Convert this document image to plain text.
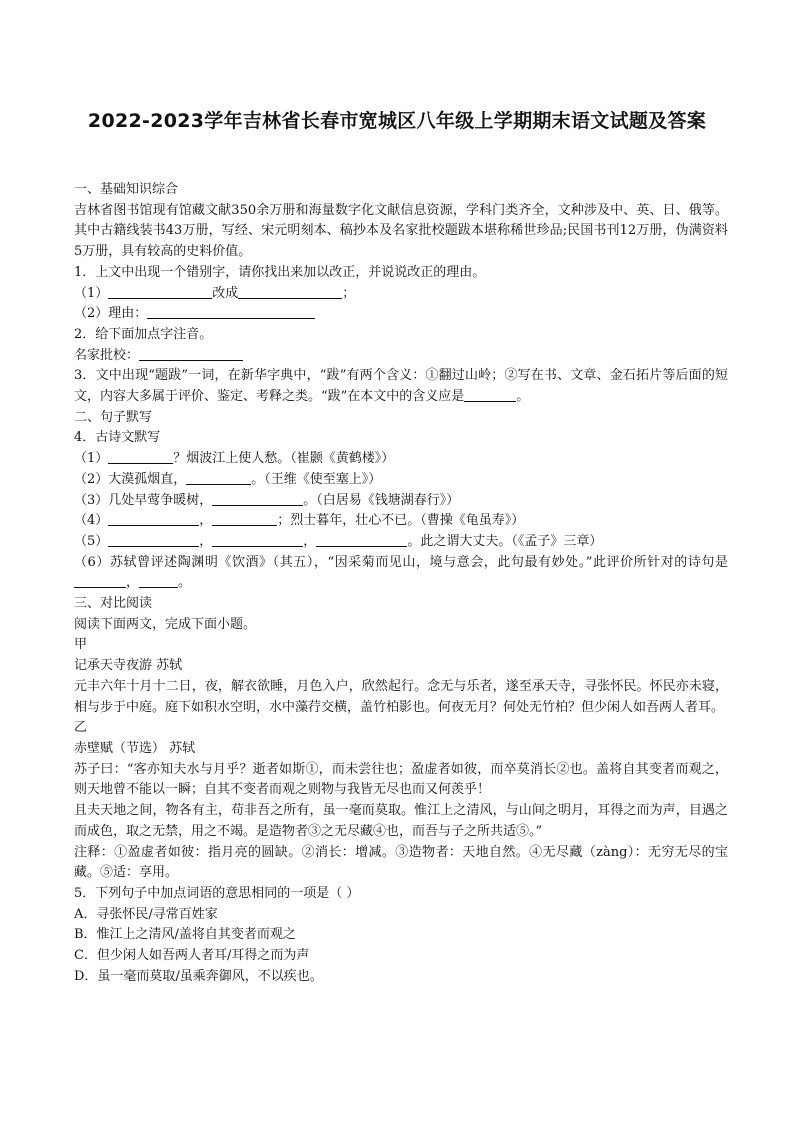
2022-2023学年吉林省长春市宽城区八年级上学期期末语文试题及答案

一、基础知识综合

吉林省图书馆现有馆藏文献350余万册和海量数字化文献信息资源，学科门类齐全，文种涉及中、英、日、俄等。其中古籍线装书43万册，写经、宋元明刻本、稿抄本及名家批校题跋本堪称稀世珍品;民国书刊12万册，伪满资料5万册，具有较高的史料价值。

1．上文中出现一个错别字，请你找出来加以改正，并说说改正的理由。

（1）	改成	；

（2）理由：

2．给下面加点字注音。

名家批校：

3．文中出现“题跋”一词，在新华字典中，“跋”有两个含义：①翻过山岭；②写在书、文章、金石拓片等后面的短文，内容大多属于评价、鉴定、考释之类。“跋”在本文中的含义应是	。

二、句子默写

4．古诗文默写

（1）	？烟波江上使人愁。（崔颢《黄鹤楼》）

（2）大漠孤烟直，	。（王维《使至塞上》）

（3）几处早莺争暖树，	。（白居易《钱塘湖春行》）

（4）	，	；烈士暮年，壮心不已。（曹操《龟虽寿》）

（5）	，	，	。此之谓大丈夫。（《孟子》三章）

（6）苏轼曾评述陶渊明《饮酒》（其五），“因采菊而见山，境与意会，此句最有妙处。”此评价所针对的诗句是，	。

三、对比阅读

阅读下面两文，完成下面小题。

甲

记承天寺夜游 苏轼

元丰六年十月十二日，夜，解衣欲睡，月色入户，欣然起行。念无与乐者，遂至承天寺，寻张怀民。怀民亦未寝，相与步于中庭。庭下如积水空明，水中藻荇交横，盖竹柏影也。何夜无月？何处无竹柏？但少闲人如吾两人者耳。

乙

赤壁赋（节选） 苏轼

苏子曰：“客亦知夫水与月乎？逝者如斯①，而未尝往也；盈虚者如彼，而卒莫消长②也。盖将自其变者而观之，则天地曾不能以一瞬；自其不变者而观之则物与我皆无尽也而又何羡乎！

且夫天地之间，物各有主，苟非吾之所有，虽一毫而莫取。惟江上之清风，与山间之明月，耳得之而为声，目遇之而成色，取之无禁，用之不竭。是造物者③之无尽藏④也，而吾与子之所共适⑤。”

注释：①盈虚者如彼：指月亮的圆缺。②消长：增减。③造物者：天地自然。④无尽藏（zàng）：无穷无尽的宝藏。⑤适：享用。

5．下列句子中加点词语的意思相同的一项是（ ）

A．寻张怀民/寻常百姓家

B．惟江上之清风/盖将自其变者而观之

C．但少闲人如吾两人者耳/耳得之而为声

D．虽一毫而莫取/虽乘奔御风，不以疾也。
